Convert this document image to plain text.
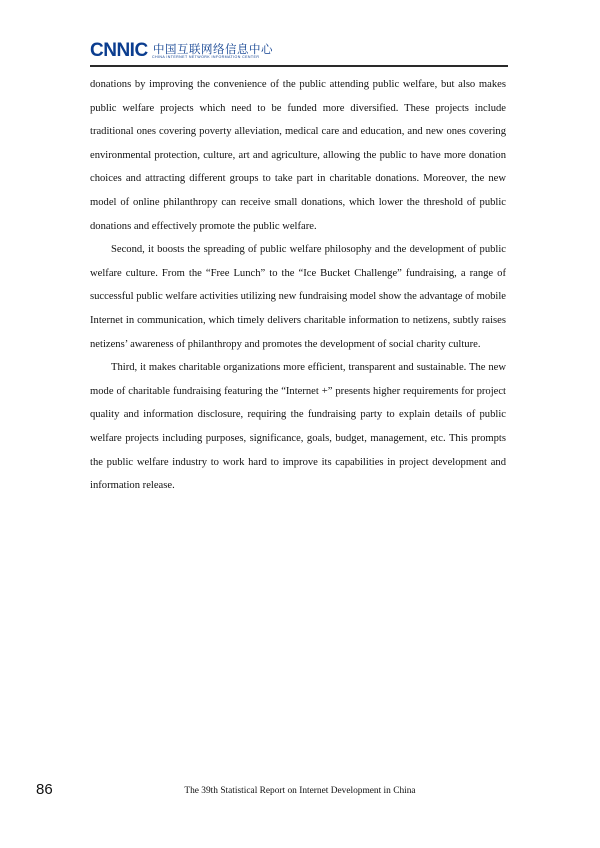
CNNIC 中国互联网络信息中心
CHINA INTERNET NETWORK INFORMATION CENTER

donations by improving the convenience of the public attending public welfare, but also makes public welfare projects which need to be funded more diversified. These projects include traditional ones covering poverty alleviation, medical care and education, and new ones covering environmental protection, culture, art and agriculture, allowing the public to have more donation choices and attracting different groups to take part in charitable donations. Moreover, the new model of online philanthropy can receive small donations, which lower the threshold of public donations and effectively promote the public welfare.

Second, it boosts the spreading of public welfare philosophy and the development of public welfare culture. From the “Free Lunch” to the “Ice Bucket Challenge” fundraising, a range of successful public welfare activities utilizing new fundraising model show the advantage of mobile Internet in communication, which timely delivers charitable information to netizens, subtly raises netizens’ awareness of philanthropy and promotes the development of social charity culture.

Third, it makes charitable organizations more efficient, transparent and sustainable. The new mode of charitable fundraising featuring the “Internet +” presents higher requirements for project quality and information disclosure, requiring the fundraising party to explain details of public welfare projects including purposes, significance, goals, budget, management, etc. This prompts the public welfare industry to work hard to improve its capabilities in project development and information release.

86	The 39th Statistical Report on Internet Development in China
